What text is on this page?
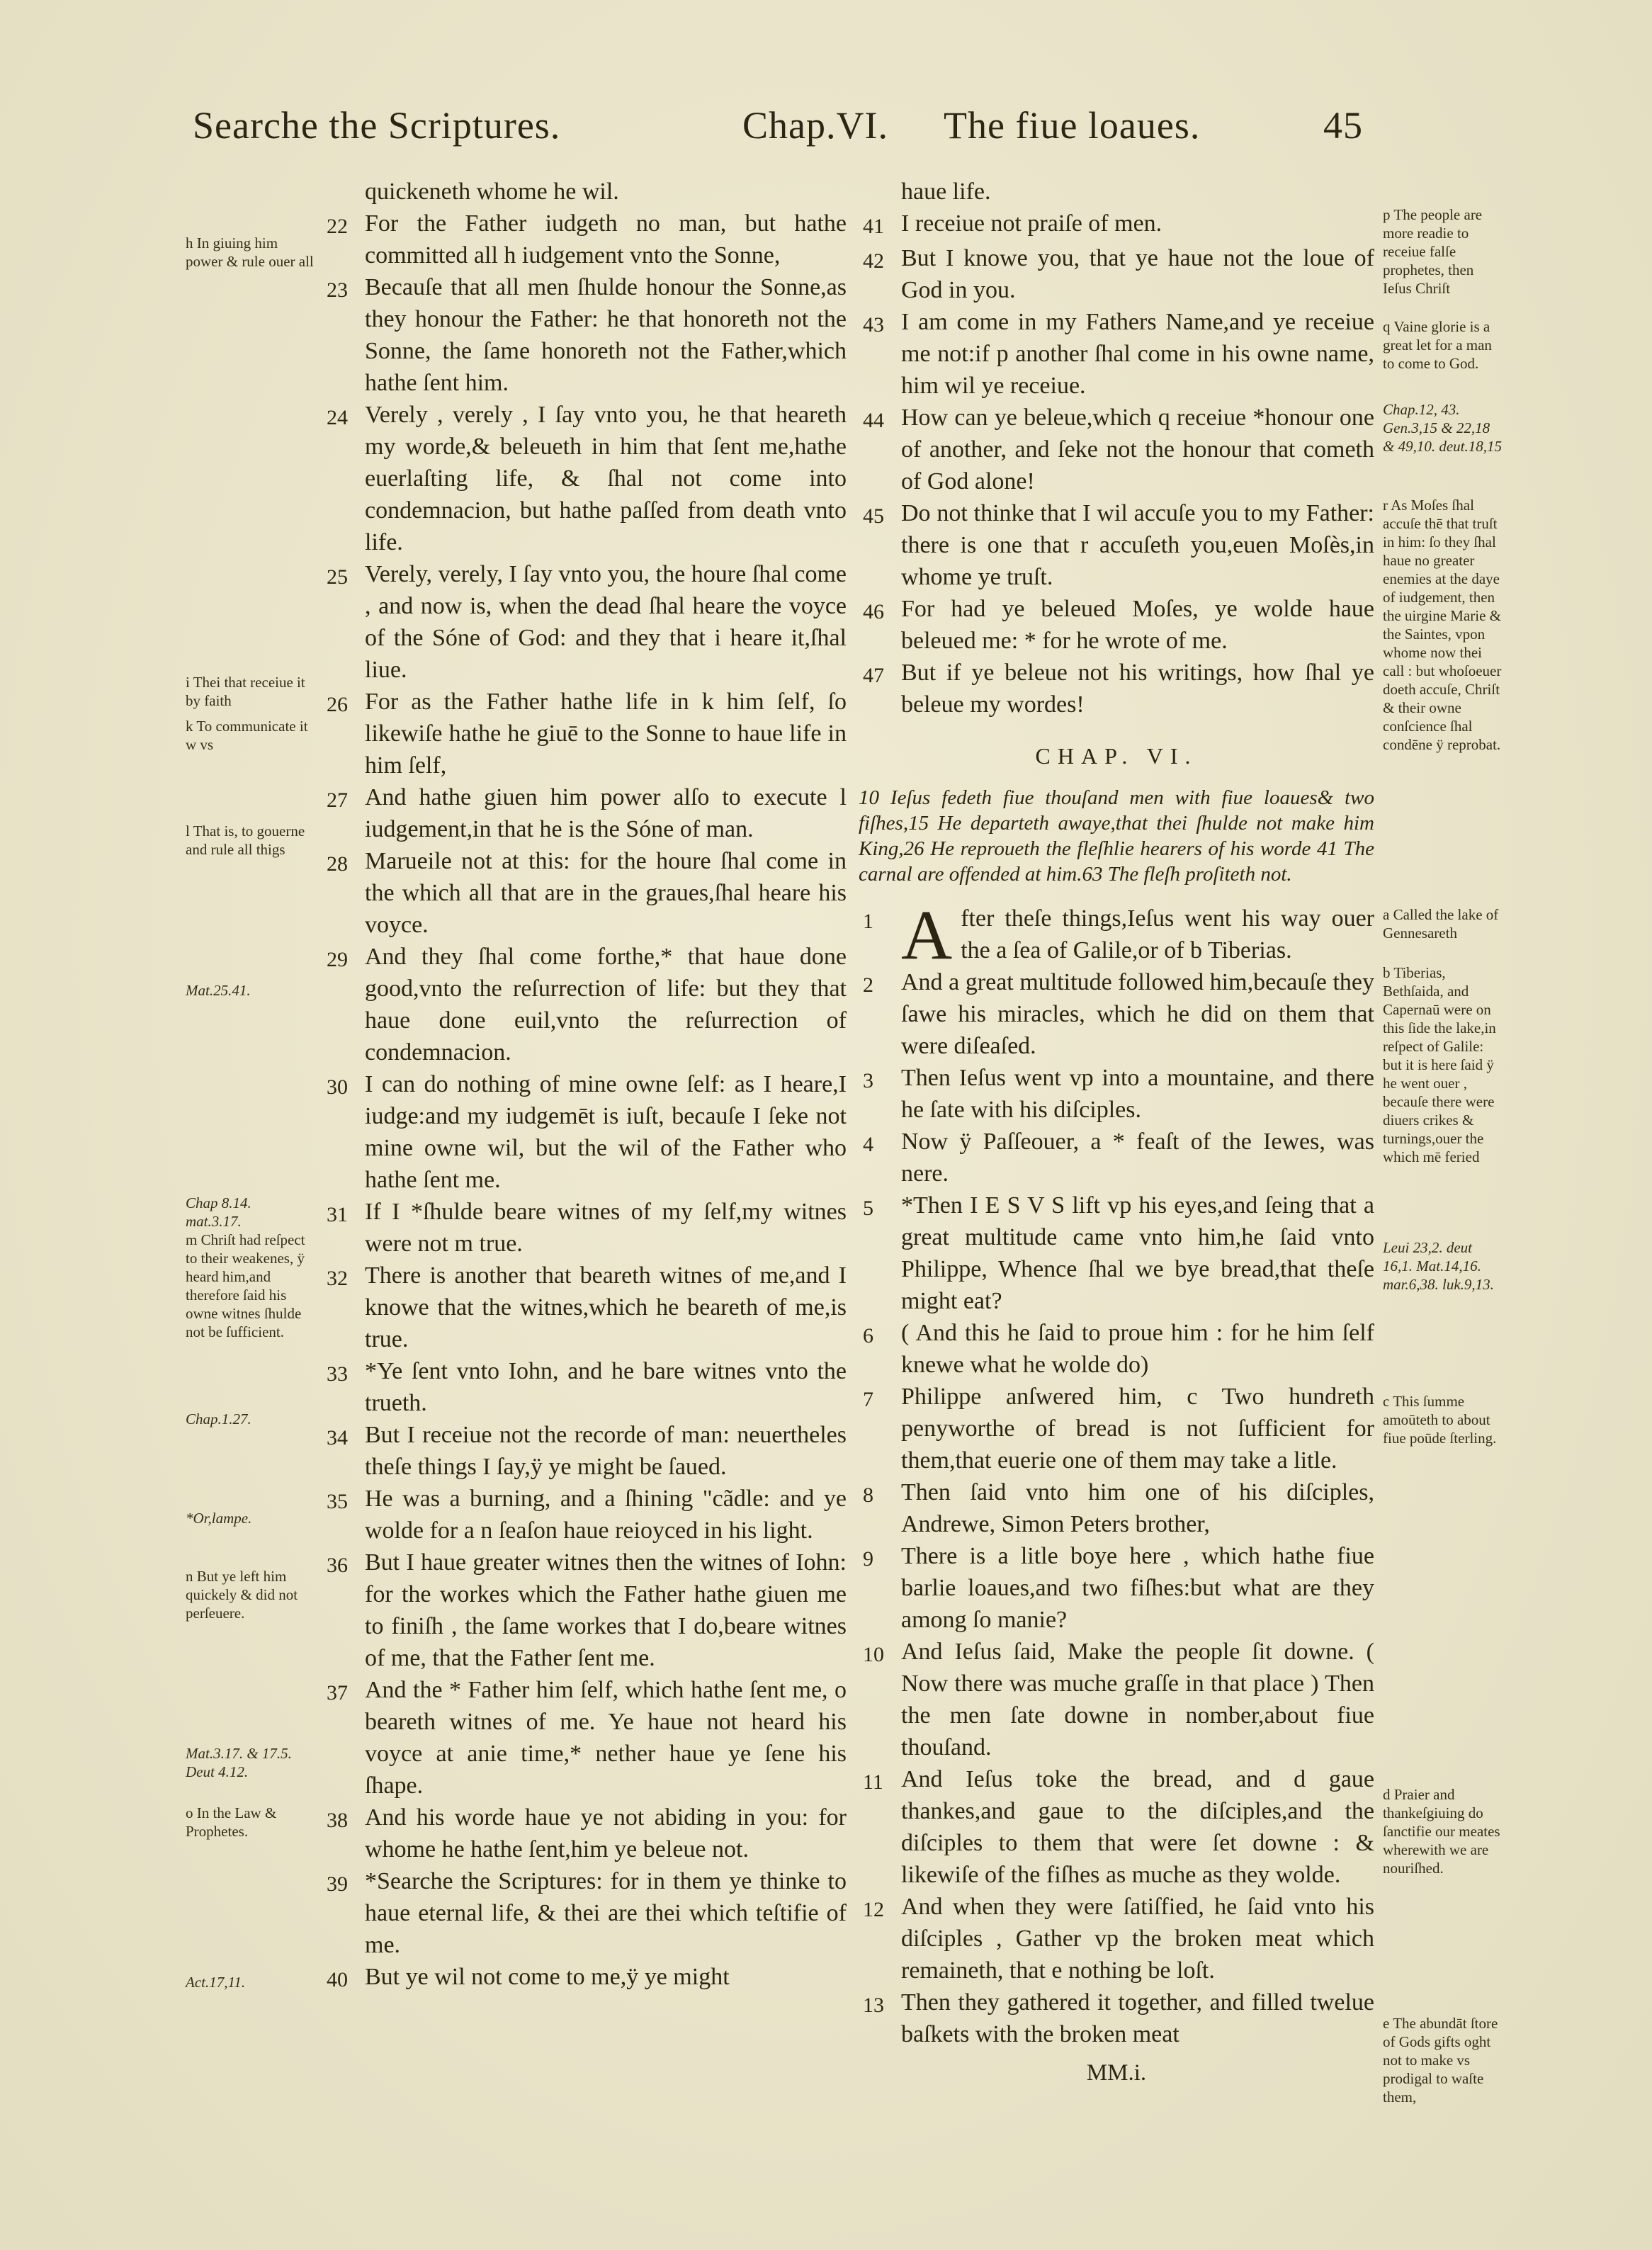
Searche the Scriptures.	Chap.VI. The fiue loaues.	45
h In giuing him power & rule ouer all
i Thei that receiue it by faith
k To communicate it w vs
l That is, to gouerne and rule all thigs
Mat.25.41.
Chap 8.14.
mat.3.17.
m Chriſt had reſpect to their weakenes, ÿ heard him,and therefore ſaid his owne witnes ſhulde not be ſufficient.
Chap.1.27.
*Or,lampe.
n But ye left him quickely & did not perſeuere.
Mat.3.17. & 17.5. Deut 4.12.
o In the Law & Prophetes.
Act.17,11.

quickeneth whome he wil.

22 For the Father iudgeth no man, but hathe committed all h iudgement vnto the Sonne,
23 Becauſe that all men ſhulde honour the Sonne,as they honour the Father: he that honoreth not the Sonne, the ſame honoreth not the Father,which hathe ſent him.
24 Verely , verely , I ſay vnto you, he that heareth my worde,& beleueth in him that ſent me,hathe euerlaſting life, & ſhal not come into condemnacion, but hathe paſſed from death vnto life.
25 Verely, verely, I ſay vnto you, the houre ſhal come , and now is, when the dead ſhal heare the voyce of the Sóne of God: and they that i heare it,ſhal liue.
26 For as the Father hathe life in k him ſelf, ſo likewiſe hathe he giuē to the Sonne to haue life in him ſelf,
27 And hathe giuen him power alſo to execute l iudgement,in that he is the Sóne of man.
28 Marueile not at this: for the houre ſhal come in the which all that are in the graues,ſhal heare his voyce.
29 And they ſhal come forthe,* that haue done good,vnto the reſurrection of life: but they that haue done euil,vnto the reſurrection of condemnacion.
30 I can do nothing of mine owne ſelf: as I heare,I iudge:and my iudgemēt is iuſt, becauſe I ſeke not mine owne wil, but the wil of the Father who hathe ſent me.
31 If I *ſhulde beare witnes of my ſelf,my witnes were not m true.
32 There is another that beareth witnes of me,and I knowe that the witnes,which he beareth of me,is true.
33 *Ye ſent vnto Iohn, and he bare witnes vnto the trueth.
34 But I receiue not the recorde of man: neuertheles theſe things I ſay,ÿ ye might be ſaued.
35 He was a burning, and a ſhining "cãdle: and ye wolde for a n ſeaſon haue reioyced in his light.
36 But I haue greater witnes then the witnes of Iohn: for the workes which the Father hathe giuen me to finiſh , the ſame workes that I do,beare witnes of me, that the Father ſent me.
37 And the * Father him ſelf, which hathe ſent me, o beareth witnes of me. Ye haue not heard his voyce at anie time,* nether haue ye ſene his ſhape.
38 And his worde haue ye not abiding in you: for whome he hathe ſent,him ye beleue not.
39 *Searche the Scriptures: for in them ye thinke to haue eternal life, & thei are thei which teſtifie of me.
40 But ye wil not come to me,ÿ ye might

haue life.

41 I receiue not praiſe of men.
42 But I knowe you, that ye haue not the loue of God in you.
43 I am come in my Fathers Name,and ye receiue me not:if p another ſhal come in his owne name, him wil ye receiue.
44 How can ye beleue,which q receiue *honour one of another, and ſeke not the honour that cometh of God alone!
45 Do not thinke that I wil accuſe you to my Father: there is one that r accuſeth you,euen Moſès,in whome ye truſt.
46 For had ye beleued Moſes, ye wolde haue beleued me: * for he wrote of me.
47 But if ye beleue not his writings, how ſhal ye beleue my wordes!
CHAP. VI.

10 Ieſus fedeth fiue thouſand men with fiue loaues& two fiſhes,15 He departeth awaye,that thei ſhulde not make him King,26 He reproueth the fleſhlie hearers of his worde 41 The carnal are offended at him.63 The fleſh proſiteth not.

1 After theſe things,Ieſus went his way ouer the a ſea of Galile,or of b Tiberias.
2	And a great multitude followed him,becauſe they ſawe his miracles, which he did on them that were diſeaſed.
3	Then Ieſus went vp into a mountaine, and there he ſate with his diſciples.
4	Now ÿ Paſſeouer, a * feaſt of the Iewes, was nere.
5	*Then I E S V S lift vp his eyes,and ſeing that a great multitude came vnto him,he ſaid vnto Philippe, Whence ſhal we bye bread,that theſe might eat?
6	( And this he ſaid to proue him : for he him ſelf knewe what he wolde do)
7	Philippe anſwered him, c Two hundreth penyworthe of bread is not ſufficient for them,that euerie one of them may take a litle.
8	Then ſaid vnto him one of his diſciples, Andrewe, Simon Peters brother,
9	There is a litle boye here , which hathe fiue barlie loaues,and two fiſhes:but what are they among ſo manie?
10 And Ieſus ſaid, Make the people ſit downe. ( Now there was muche graſſe in that place ) Then the men ſate downe in nomber,about fiue thouſand.
11 And Ieſus toke the bread, and d gaue thankes,and gaue to the diſciples,and the diſciples to them that were ſet downe : & likewiſe of the fiſhes as muche as they wolde.
12 And when they were ſatiſfied, he ſaid vnto his diſciples , Gather vp the broken meat which remaineth, that e nothing be loſt.
13 Then they gathered it together, and filled twelue baſkets with the broken meat

MM.i.

p The people are more readie to receiue falſe prophetes, then Ieſus Chriſt
q Vaine glorie is a great let for a man to come to God.
Chap.12, 43. Gen.3,15 & 22,18 & 49,10. deut.18,15
r As Moſes ſhal accuſe thē that truſt in him: ſo they ſhal haue no greater enemies at the daye of iudgement, then the uirgine Marie & the Saintes, vpon whome now thei call : but whoſoeuer doeth accuſe, Chriſt & their owne conſcience ſhal condēne ÿ reprobat.
a Called the lake of Gennesareth
b Tiberias, Bethſaida, and Capernaū were on this ſide the lake,in reſpect of Galile: but it is here ſaid ÿ he went ouer , becauſe there were diuers crikes & turnings,ouer the which mē feried
Leui 23,2. deut 16,1. Mat.14,16. mar.6,38. luk.9,13.
c This ſumme amoūteth to about fiue poūde ſterling.
d Praier and thankeſgiuing do ſanctifie our meates wherewith we are nouriſhed.
e The abundāt ſtore of Gods gifts oght not to make vs prodigal to waſte them,
